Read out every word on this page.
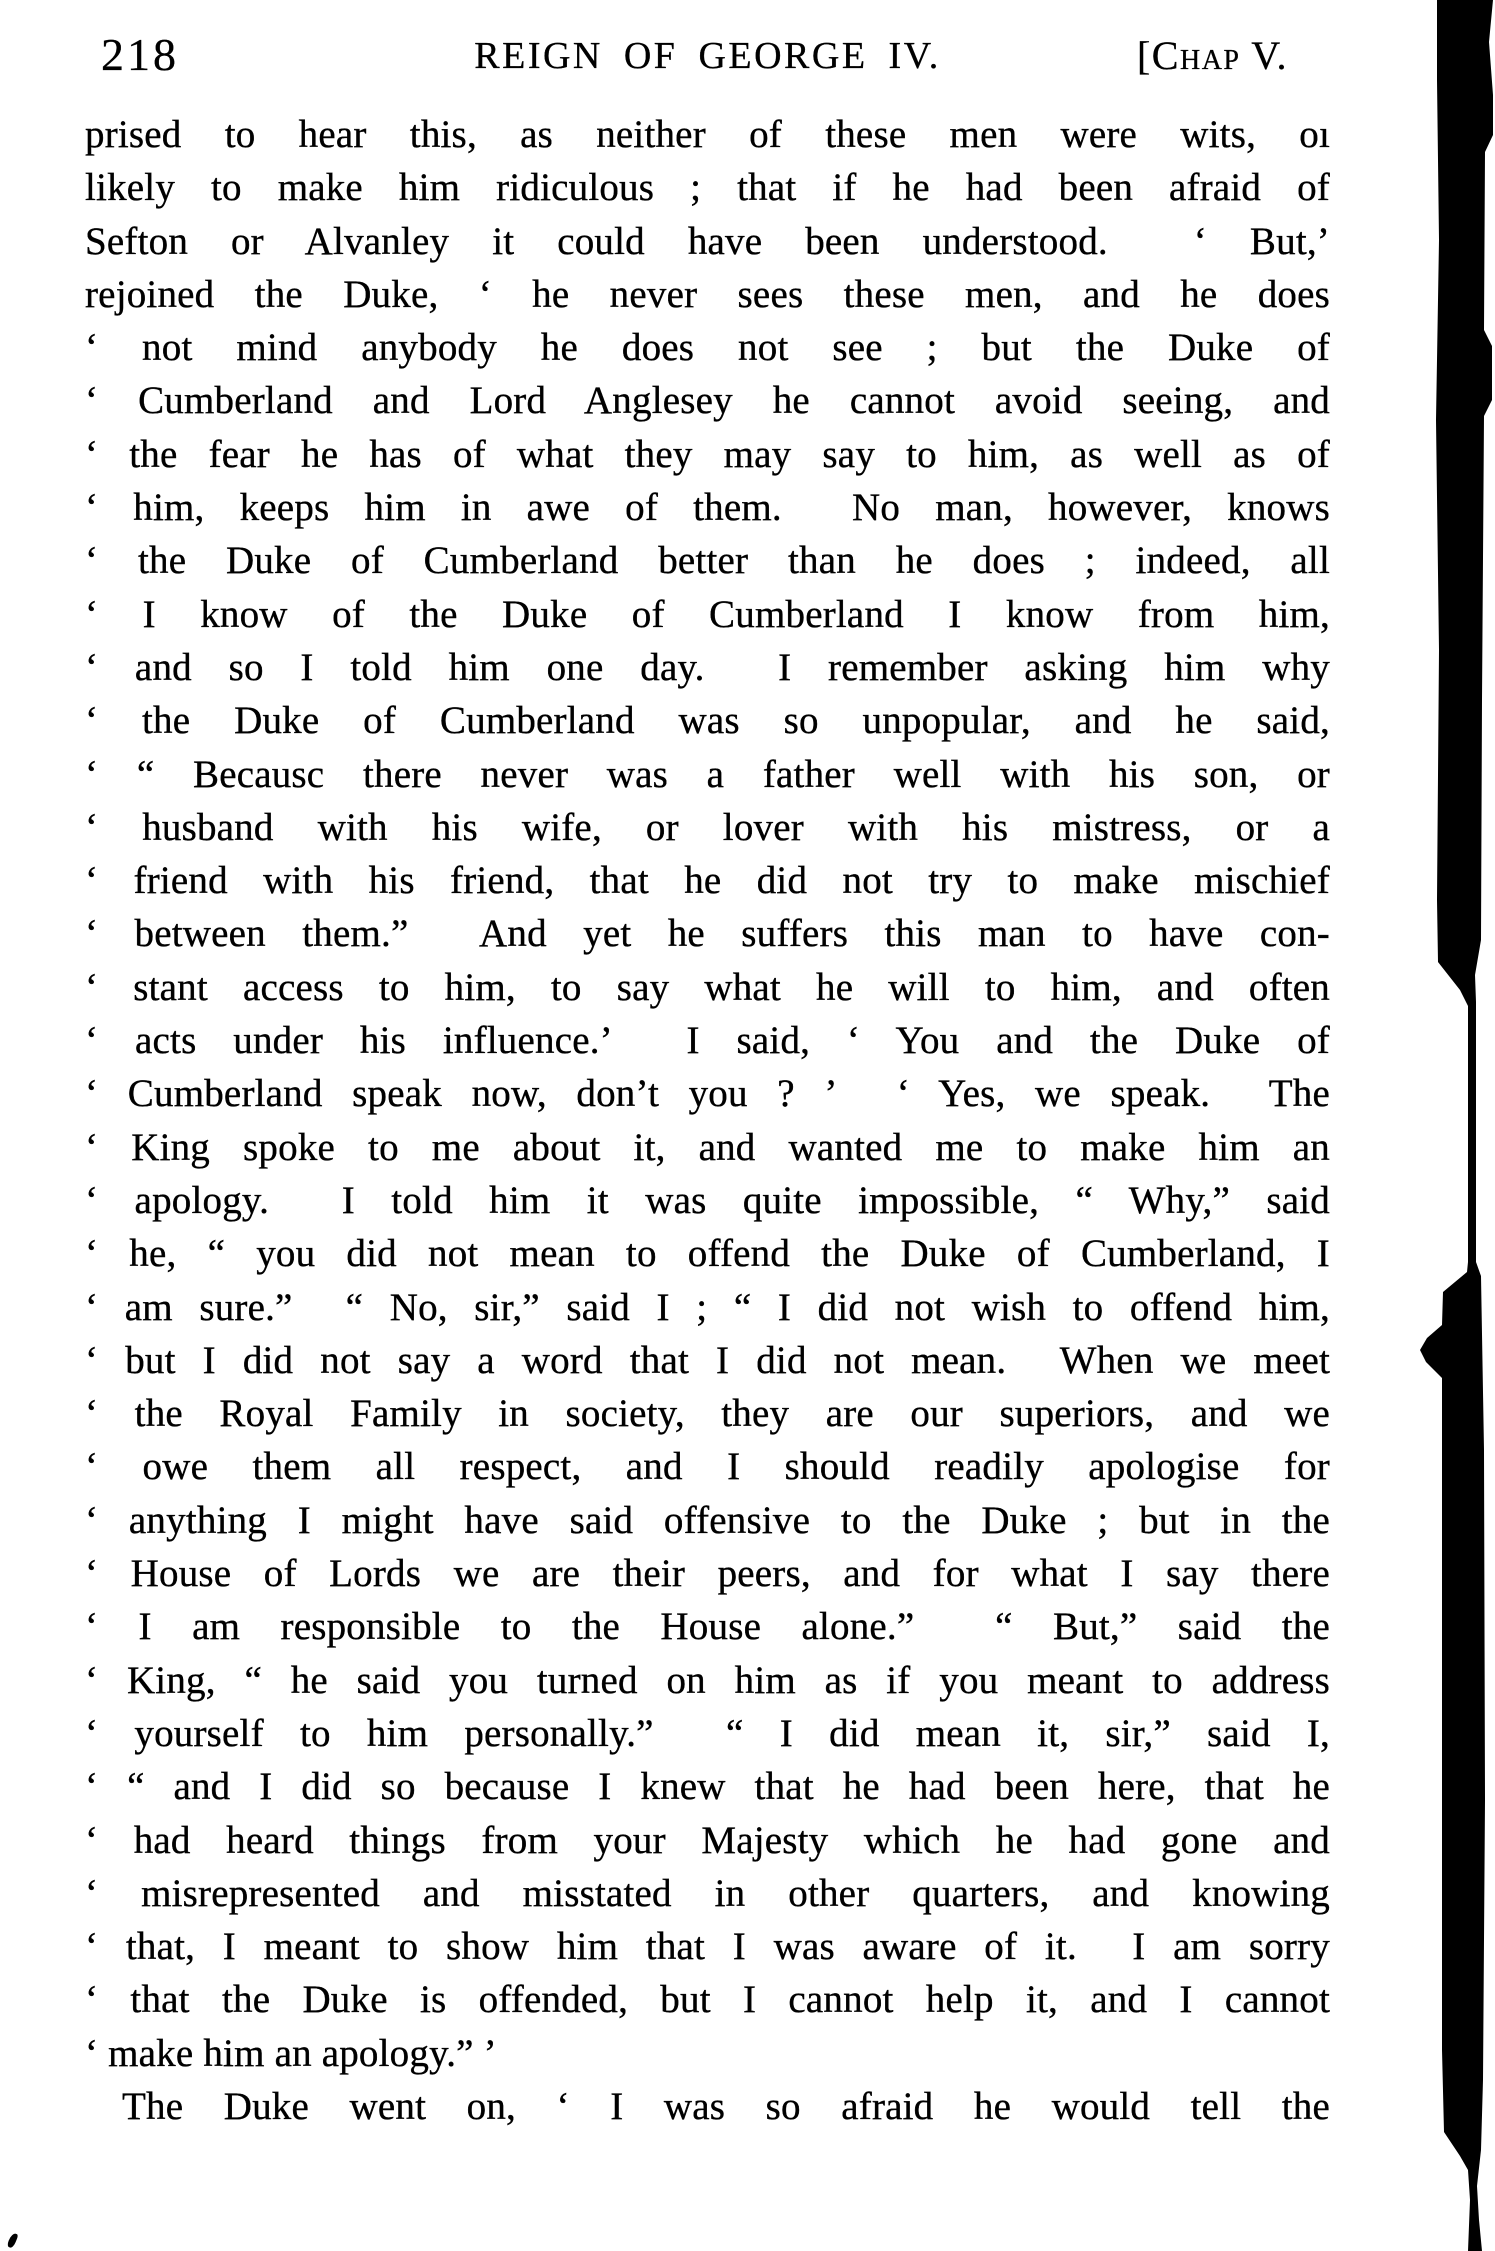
218	REIGN OF GEORGE IV.	[Chap V.
prised to hear this, as neither of these men were wits, oı
likely to make him ridiculous ; that if he had been afraid of
Sefton or Alvanley it could have been understood.  ‘ But,’
rejoined the Duke, ‘ he never sees these men, and he does
‘ not mind anybody he does not see ; but the Duke of
‘ Cumberland and Lord Anglesey he cannot avoid seeing, and
‘ the fear he has of what they may say to him, as well as of
‘ him, keeps him in awe of them.  No man, however, knows
‘ the Duke of Cumberland better than he does ; indeed, all
‘ I know of the Duke of Cumberland I know from him,
‘ and so I told him one day.  I remember asking him why
‘ the Duke of Cumberland was so unpopular, and he said,
‘ “ Becausc there never was a father well with his son, or
‘ husband with his wife, or lover with his mistress, or a
‘ friend with his friend, that he did not try to make mischief
‘ between them.”  And yet he suffers this man to have con-
‘ stant access to him, to say what he will to him, and often
‘ acts under his influence.’  I said, ‘ You and the Duke of
‘ Cumberland speak now, don’t you ? ’  ‘ Yes, we speak.  The
‘ King spoke to me about it, and wanted me to make him an
‘ apology.  I told him it was quite impossible, “ Why,” said
‘ he, “ you did not mean to offend the Duke of Cumberland, I
‘ am sure.”  “ No, sir,” said I ; “ I did not wish to offend him,
‘ but I did not say a word that I did not mean.  When we meet
‘ the Royal Family in society, they are our superiors, and we
‘ owe them all respect, and I should readily apologise for
‘ anything I might have said offensive to the Duke ; but in the
‘ House of Lords we are their peers, and for what I say there
‘ I am responsible to the House alone.”  “ But,” said the
‘ King, “ he said you turned on him as if you meant to address
‘ yourself to him personally.”  “ I did mean it, sir,” said I,
‘ “ and I did so because I knew that he had been here, that he
‘ had heard things from your Majesty which he had gone and
‘ misrepresented and misstated in other quarters, and knowing
‘ that, I meant to show him that I was aware of it.  I am sorry
‘ that the Duke is offended, but I cannot help it, and I cannot
‘ make him an apology.” ’
The Duke went on, ‘ I was so afraid he would tell the
